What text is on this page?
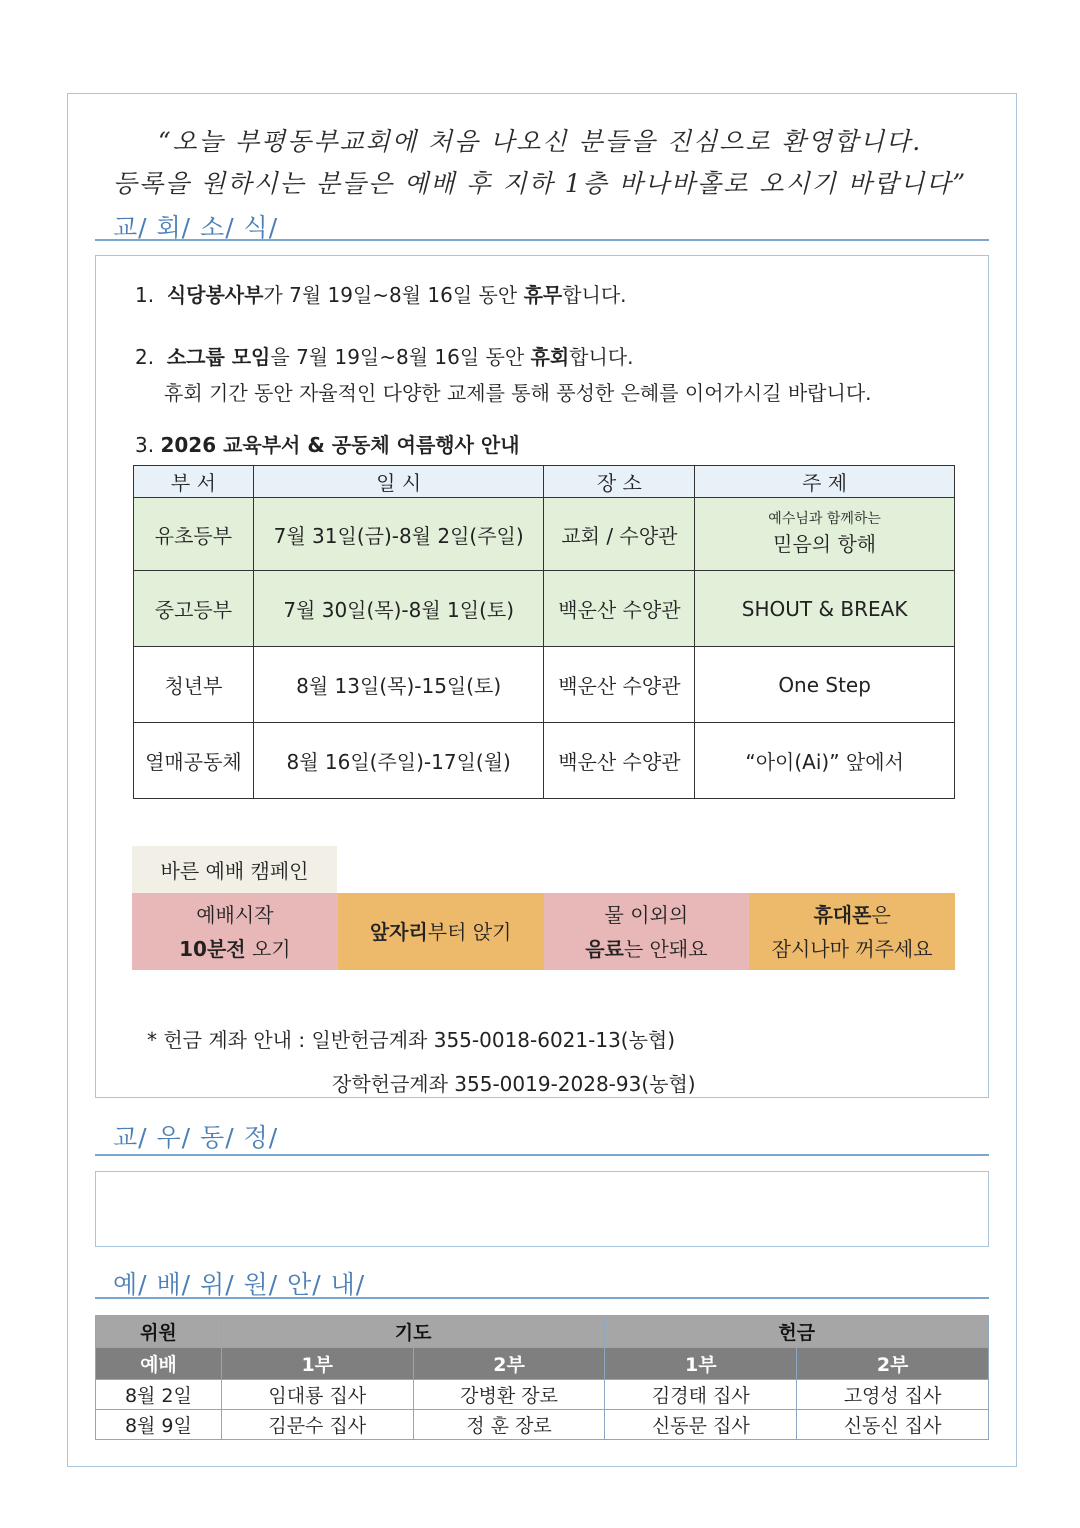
“오늘 부평동부교회에 처음 나오신 분들을 진심으로 환영합니다.
등록을 원하시는 분들은 예배 후 지하 1층 바나바홀로 오시기 바랍니다”
교/ 회/ 소/ 식/
1. 식당봉사부가 7월 19일~8월 16일 동안 휴무합니다.
2. 소그룹 모임을 7월 19일~8월 16일 동안 휴회합니다.
휴회 기간 동안 자율적인 다양한 교제를 통해 풍성한 은혜를 이어가시길 바랍니다.
3. 2026 교육부서 & 공동체 여름행사 안내
부 서	일 시	장 소	주 제
유초등부	7월 31일(금)-8월 2일(주일)	교회 / 수양관	예수님과 함께하는
믿음의 항해

중고등부	7월 30일(목)-8월 1일(토)	백운산 수양관	SHOUT & BREAK
청년부	8월 13일(목)-15일(토)	백운산 수양관	One Step
열매공동체	8월 16일(주일)-17일(월)	백운산 수양관	“아이(Ai)” 앞에서
바른 예배 캠페인
예배시작
10분전 오기
앞자리부터 앉기
물 이외의
음료는 안돼요
휴대폰은
잠시나마 꺼주세요
* 헌금 계좌 안내 : 일반헌금계좌 355-0018-6021-13(농협)
장학헌금계좌 355-0019-2028-93(농협)
교/ 우/ 동/ 정/
예/ 배/ 위/ 원/ 안/ 내/
위원	기도		헌금	
예배	1부	2부	1부	2부
8월 2일	임대룡 집사	강병환 장로	김경태 집사	고영성 집사
8월 9일	김문수 집사	정 훈 장로	신동문 집사	신동신 집사
